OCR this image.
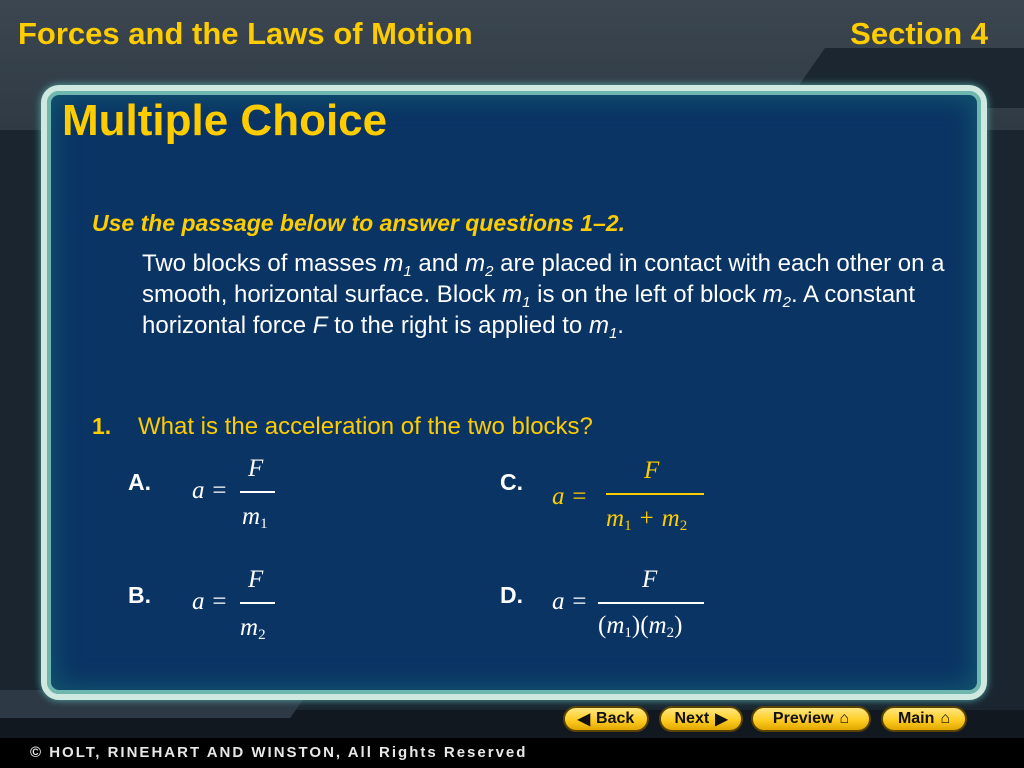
Forces and the Laws of Motion	Section 4
Multiple Choice
Use the passage below to answer questions 1–2.
Two blocks of masses $m_1$ and $m_2$ are placed in contact with each other on a smooth, horizontal surface. Block $m_1$ is on the left of block $m_2$. A constant horizontal force F to the right is applied to $m_1$.
1. What is the acceleration of the two blocks?
A. a =
F
$m_1$
B. a =
F
$m_2$
C.
a =
F
$m_1 + m_2$
D. a =
F
$(m_1)(m_2)$
◀ Back	Next ▶	Preview ⌂	Main ⌂
© HOLT, RINEHART AND WINSTON, All Rights Reserved
